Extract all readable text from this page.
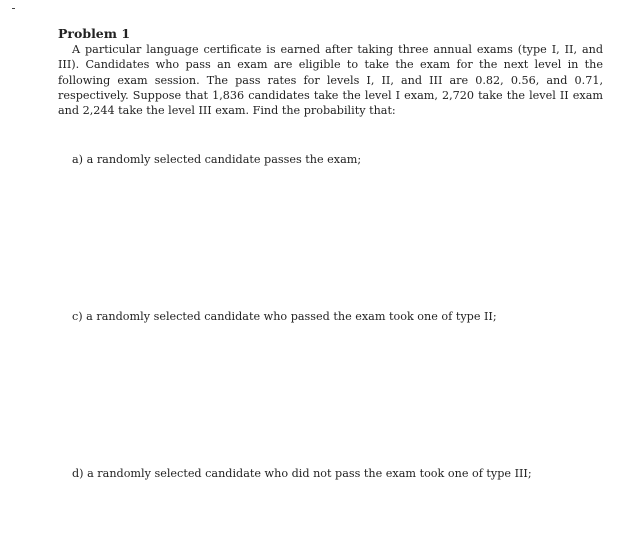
Problem 1

A particular language certificate is earned after taking three annual exams (type I, II, and III). Candidates who pass an exam are eligible to take the exam for the next level in the following exam session. The pass rates for levels I, II, and III are 0.82, 0.56, and 0.71, respectively. Suppose that 1,836 candidates take the level I exam, 2,720 take the level II exam and 2,244 take the level III exam. Find the probability that:

a) a randomly selected candidate passes the exam;

c) a randomly selected candidate who passed the exam took one of type II;

d) a randomly selected candidate who did not pass the exam took one of type III;
